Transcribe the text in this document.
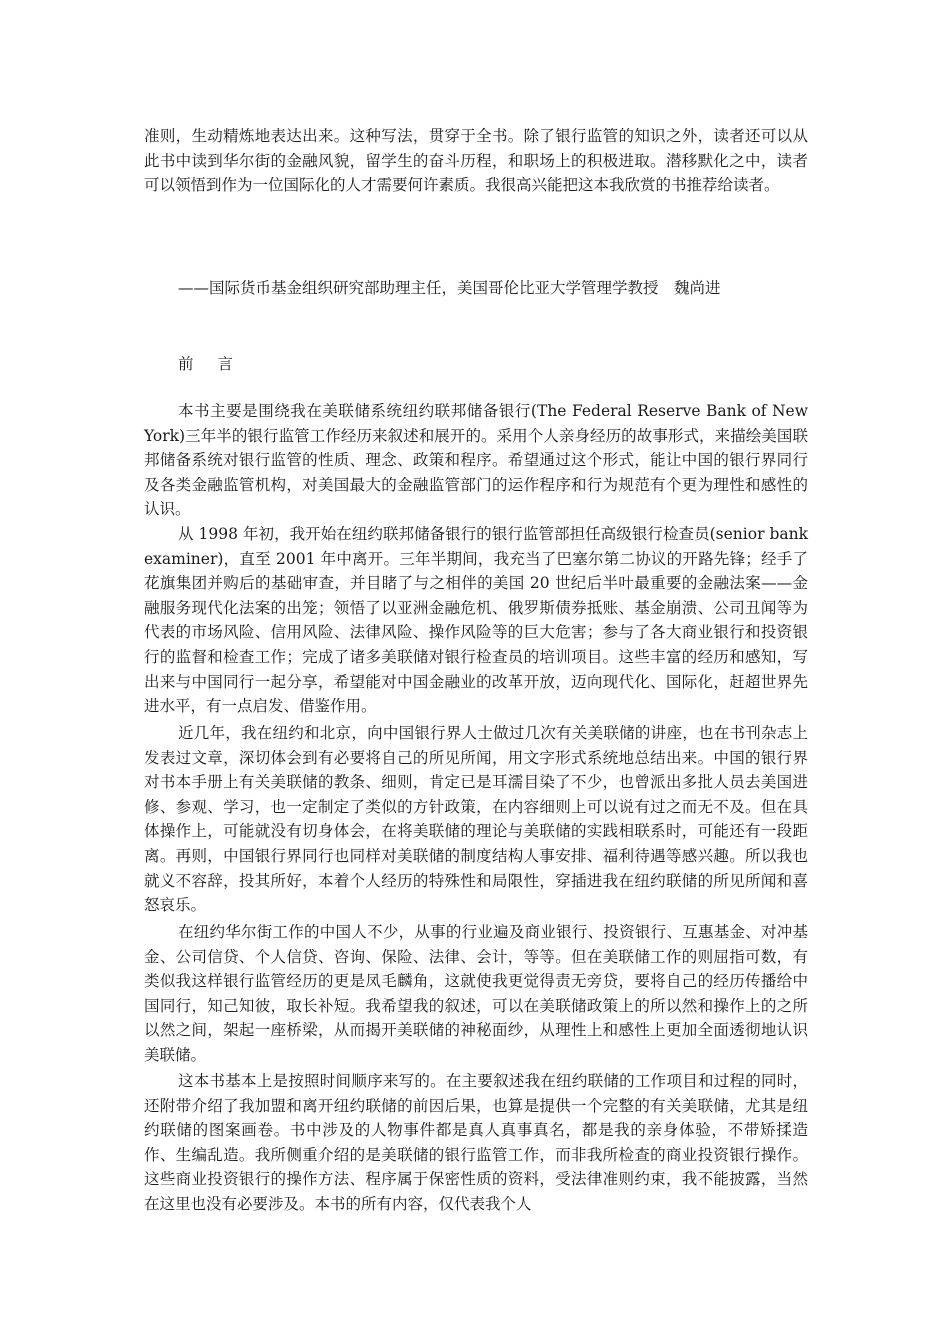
准则，生动精炼地表达出来。这种写法，贯穿于全书。除了银行监管的知识之外，读者还可以从此书中读到华尔街的金融风貌，留学生的奋斗历程，和职场上的积极进取。潜移默化之中，读者可以领悟到作为一位国际化的人才需要何许素质。我很高兴能把这本我欣赏的书推荐给读者。

——国际货币基金组织研究部助理主任，美国哥伦比亚大学管理学教授　魏尚进

前 言

本书主要是围绕我在美联储系统纽约联邦储备银行(The Federal Reserve Bank of New York)三年半的银行监管工作经历来叙述和展开的。采用个人亲身经历的故事形式，来描绘美国联邦储备系统对银行监管的性质、理念、政策和程序。希望通过这个形式，能让中国的银行界同行及各类金融监管机构，对美国最大的金融监管部门的运作程序和行为规范有个更为理性和感性的认识。

从 1998 年初，我开始在纽约联邦储备银行的银行监管部担任高级银行检查员(senior bank examiner)，直至 2001 年中离开。三年半期间，我充当了巴塞尔第二协议的开路先锋；经手了花旗集团并购后的基础审查，并目睹了与之相伴的美国 20 世纪后半叶最重要的金融法案——金融服务现代化法案的出笼；领悟了以亚洲金融危机、俄罗斯债券抵账、基金崩溃、公司丑闻等为代表的市场风险、信用风险、法律风险、操作风险等的巨大危害；参与了各大商业银行和投资银行的监督和检查工作；完成了诸多美联储对银行检查员的培训项目。这些丰富的经历和感知，写出来与中国同行一起分享，希望能对中国金融业的改革开放，迈向现代化、国际化，赶超世界先进水平，有一点启发、借鉴作用。

近几年，我在纽约和北京，向中国银行界人士做过几次有关美联储的讲座，也在书刊杂志上发表过文章，深切体会到有必要将自己的所见所闻，用文字形式系统地总结出来。中国的银行界对书本手册上有关美联储的教条、细则，肯定已是耳濡目染了不少，也曾派出多批人员去美国进修、参观、学习，也一定制定了类似的方针政策，在内容细则上可以说有过之而无不及。但在具体操作上，可能就没有切身体会，在将美联储的理论与美联储的实践相联系时，可能还有一段距离。再则，中国银行界同行也同样对美联储的制度结构人事安排、福利待遇等感兴趣。所以我也就义不容辞，投其所好，本着个人经历的特殊性和局限性，穿插进我在纽约联储的所见所闻和喜怒哀乐。

在纽约华尔街工作的中国人不少，从事的行业遍及商业银行、投资银行、互惠基金、对冲基金、公司信贷、个人信贷、咨询、保险、法律、会计，等等。但在美联储工作的则屈指可数，有类似我这样银行监管经历的更是凤毛麟角，这就使我更觉得责无旁贷，要将自己的经历传播给中国同行，知己知彼，取长补短。我希望我的叙述，可以在美联储政策上的所以然和操作上的之所以然之间，架起一座桥梁，从而揭开美联储的神秘面纱，从理性上和感性上更加全面透彻地认识美联储。

这本书基本上是按照时间顺序来写的。在主要叙述我在纽约联储的工作项目和过程的同时，还附带介绍了我加盟和离开纽约联储的前因后果，也算是提供一个完整的有关美联储，尤其是纽约联储的图案画卷。书中涉及的人物事件都是真人真事真名，都是我的亲身体验，不带矫揉造作、生编乱造。我所侧重介绍的是美联储的银行监管工作，而非我所检查的商业投资银行操作。这些商业投资银行的操作方法、程序属于保密性质的资料，受法律准则约束，我不能披露，当然在这里也没有必要涉及。本书的所有内容，仅代表我个人
